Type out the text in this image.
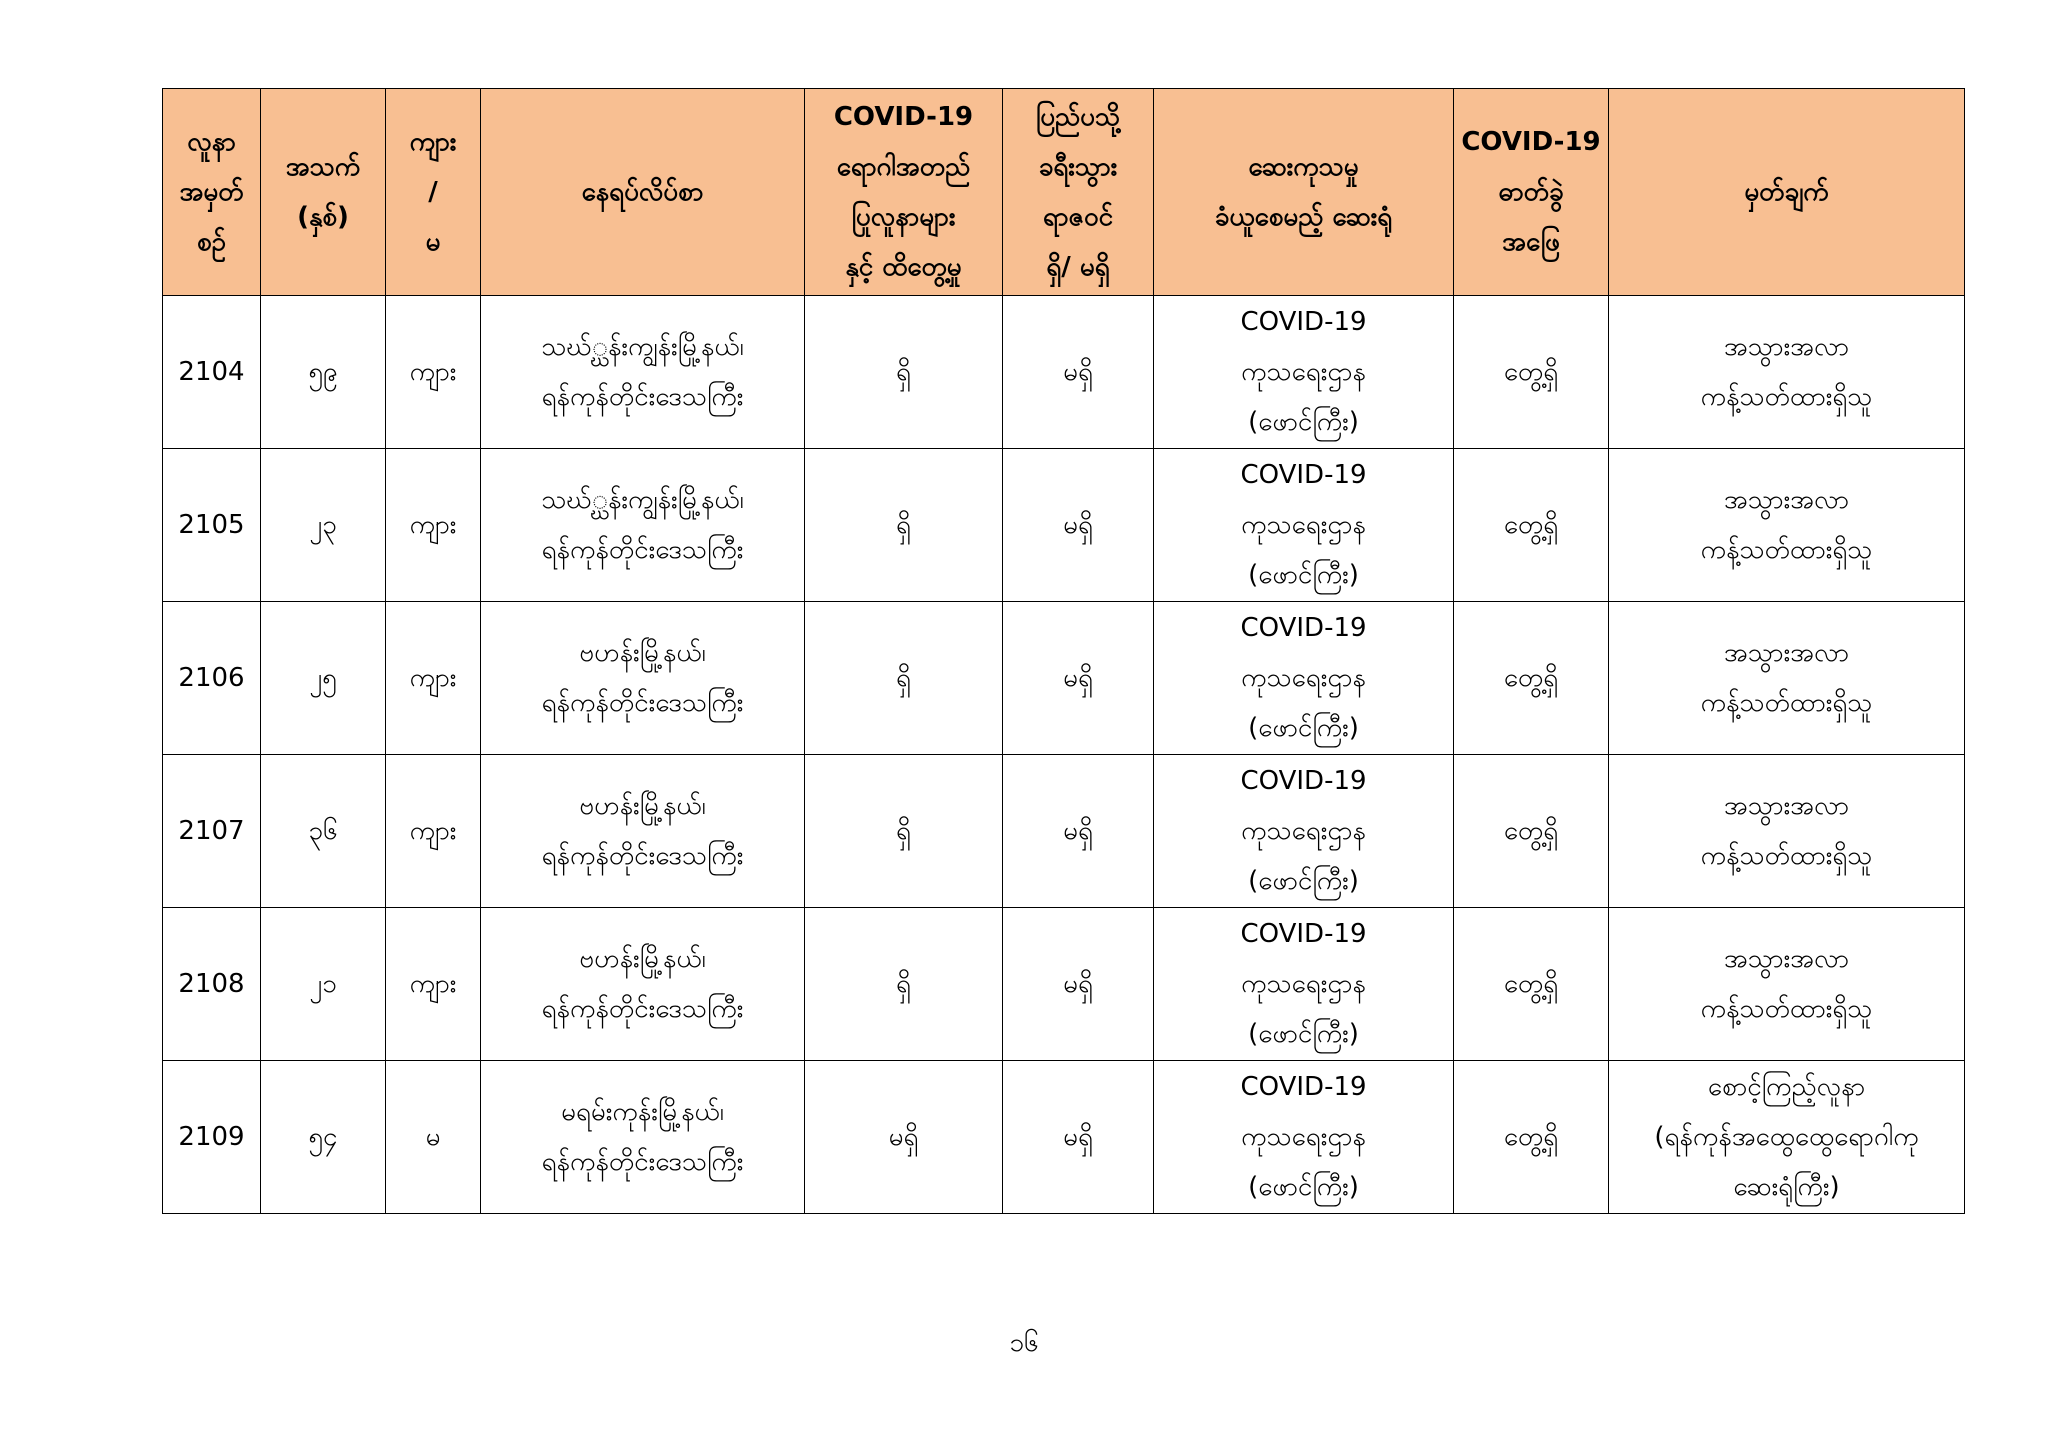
လူနာ
အမှတ်
စဉ်	အသက်
(နှစ်)	ကျား
/
မ	နေရပ်လိပ်စာ	COVID-19
ရောဂါအတည်
ပြုလူနာများ
နှင့် ထိတွေ့မှု	ပြည်ပသို့
ခရီးသွား
ရာဇဝင်
ရှိ/ မရှိ	ဆေးကုသမှု
ခံယူစေမည့် ဆေးရုံ	COVID-19
ဓာတ်ခွဲ
အဖြေ	မှတ်ချက်

2104	၅၉	ကျား	သဃ်္ဃန်းကျွန်းမြို့နယ်၊
ရန်ကုန်တိုင်းဒေသကြီး	ရှိ	မရှိ	COVID-19
ကုသရေးဌာန
(ဖောင်ကြီး)	တွေ့ရှိ	အသွားအလာ
ကန့်သတ်ထားရှိသူ

2105	၂၃	ကျား	သဃ်္ဃန်းကျွန်းမြို့နယ်၊
ရန်ကုန်တိုင်းဒေသကြီး	ရှိ	မရှိ	COVID-19
ကုသရေးဌာန
(ဖောင်ကြီး)	တွေ့ရှိ	အသွားအလာ
ကန့်သတ်ထားရှိသူ

2106	၂၅	ကျား	ဗဟန်းမြို့နယ်၊
ရန်ကုန်တိုင်းဒေသကြီး	ရှိ	မရှိ	COVID-19
ကုသရေးဌာန
(ဖောင်ကြီး)	တွေ့ရှိ	အသွားအလာ
ကန့်သတ်ထားရှိသူ

2107	၃၆	ကျား	ဗဟန်းမြို့နယ်၊
ရန်ကုန်တိုင်းဒေသကြီး	ရှိ	မရှိ	COVID-19
ကုသရေးဌာန
(ဖောင်ကြီး)	တွေ့ရှိ	အသွားအလာ
ကန့်သတ်ထားရှိသူ

2108	၂၁	ကျား	ဗဟန်းမြို့နယ်၊
ရန်ကုန်တိုင်းဒေသကြီး	ရှိ	မရှိ	COVID-19
ကုသရေးဌာန
(ဖောင်ကြီး)	တွေ့ရှိ	အသွားအလာ
ကန့်သတ်ထားရှိသူ

2109	၅၄	မ	မရမ်းကုန်းမြို့နယ်၊
ရန်ကုန်တိုင်းဒေသကြီး	မရှိ	မရှိ	COVID-19
ကုသရေးဌာန
(ဖောင်ကြီး)	တွေ့ရှိ	စောင့်ကြည့်လူနာ
(ရန်ကုန်အထွေထွေရောဂါကု
ဆေးရုံကြီး)
၁၆
